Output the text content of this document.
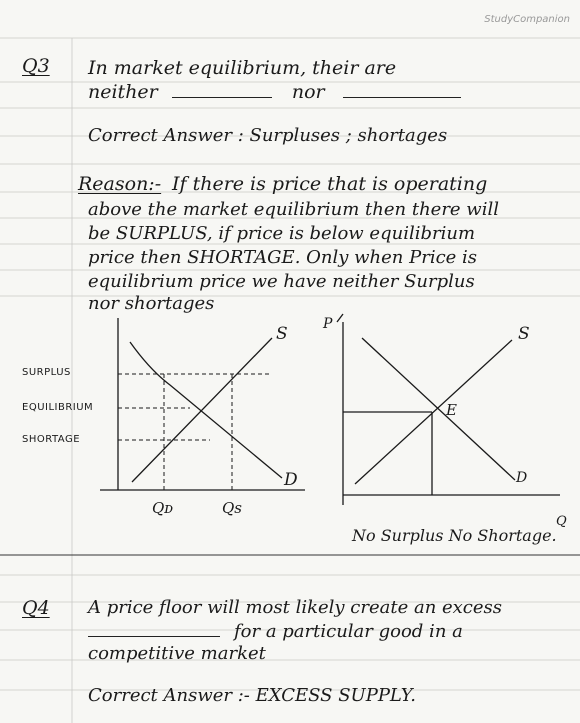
StudyCompanion
Q3 In market equilibrium, their are
neither	nor
Correct Answer : Surpluses ; shortages
Reason:- If there is price that is operating
above the market equilibrium then there will
be SURPLUS, if price is below equilibrium
price then SHORTAGE. Only when Price is
equilibrium price we have neither Surplus
nor shortages
SURPLUS
EQUILIBRIUM
SHORTAGE
S
D
Qᴅ	Qs
P	S
D
E
Q
No Surplus No Shortage.
Q4 A price floor will most likely create an excess
for a particular good in a
competitive market
Correct Answer :- EXCESS SUPPLY.
